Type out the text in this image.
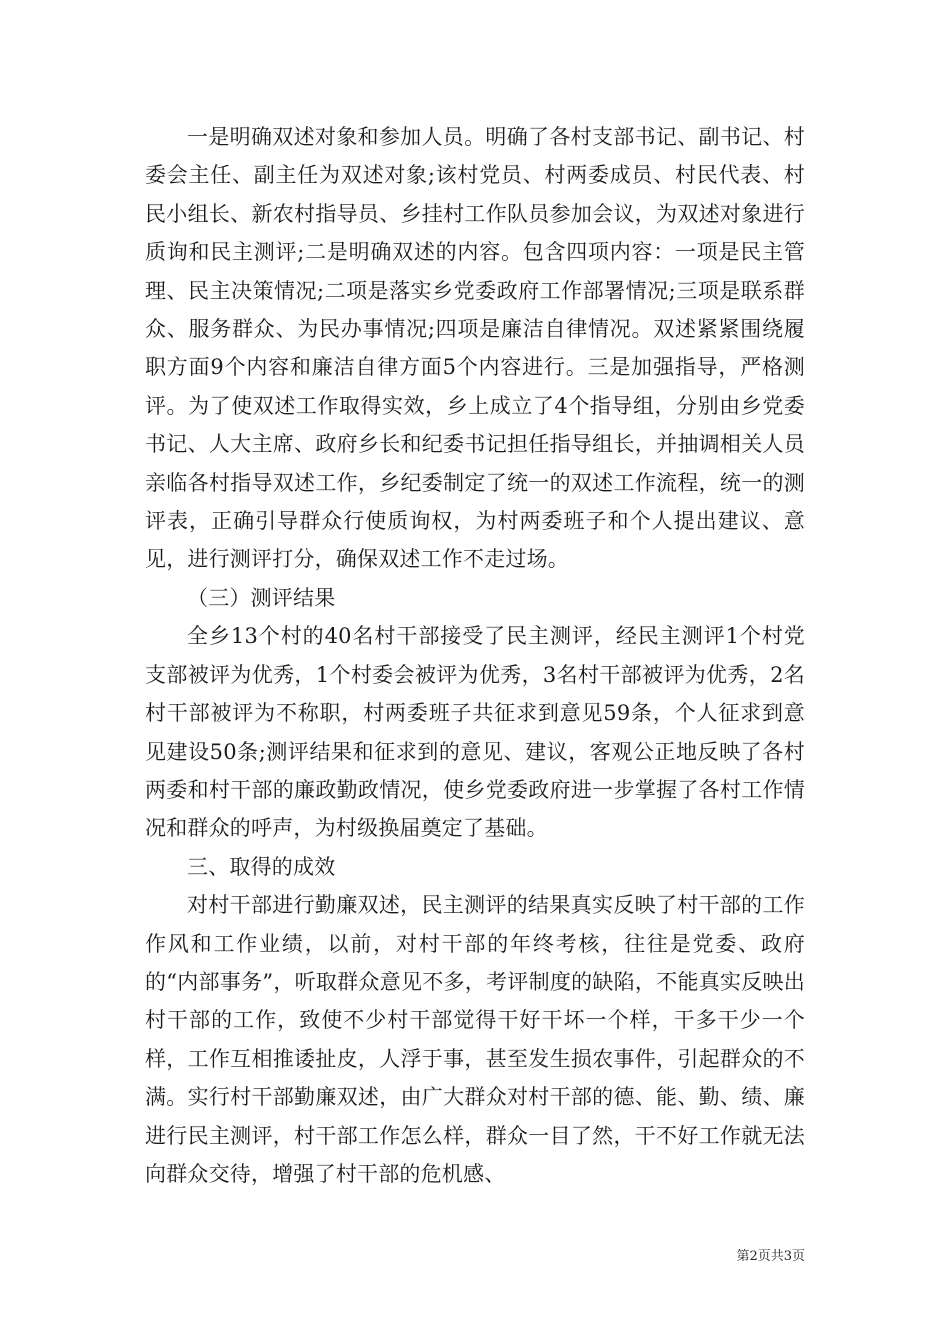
一是明确双述对象和参加人员。明确了各村支部书记、副书记、村委会主任、副主任为双述对象;该村党员、村两委成员、村民代表、村民小组长、新农村指导员、乡挂村工作队员参加会议，为双述对象进行质询和民主测评;二是明确双述的内容。包含四项内容：一项是民主管理、民主决策情况;二项是落实乡党委政府工作部署情况;三项是联系群众、服务群众、为民办事情况;四项是廉洁自律情况。双述紧紧围绕履职方面9个内容和廉洁自律方面5个内容进行。三是加强指导，严格测评。为了使双述工作取得实效，乡上成立了4个指导组，分别由乡党委书记、人大主席、政府乡长和纪委书记担任指导组长，并抽调相关人员亲临各村指导双述工作，乡纪委制定了统一的双述工作流程，统一的测评表，正确引导群众行使质询权，为村两委班子和个人提出建议、意见，进行测评打分，确保双述工作不走过场。

（三）测评结果

全乡13个村的40名村干部接受了民主测评，经民主测评1个村党支部被评为优秀，1个村委会被评为优秀，3名村干部被评为优秀，2名村干部被评为不称职，村两委班子共征求到意见59条，个人征求到意见建设50条;测评结果和征求到的意见、建议，客观公正地反映了各村两委和村干部的廉政勤政情况，使乡党委政府进一步掌握了各村工作情况和群众的呼声，为村级换届奠定了基础。

三、取得的成效

对村干部进行勤廉双述，民主测评的结果真实反映了村干部的工作作风和工作业绩，以前，对村干部的年终考核，往往是党委、政府的“内部事务”，听取群众意见不多，考评制度的缺陷，不能真实反映出村干部的工作，致使不少村干部觉得干好干坏一个样，干多干少一个样，工作互相推诿扯皮，人浮于事，甚至发生损农事件，引起群众的不满。实行村干部勤廉双述，由广大群众对村干部的德、能、勤、绩、廉进行民主测评，村干部工作怎么样，群众一目了然，干不好工作就无法向群众交待，增强了村干部的危机感、

第2页共3页
